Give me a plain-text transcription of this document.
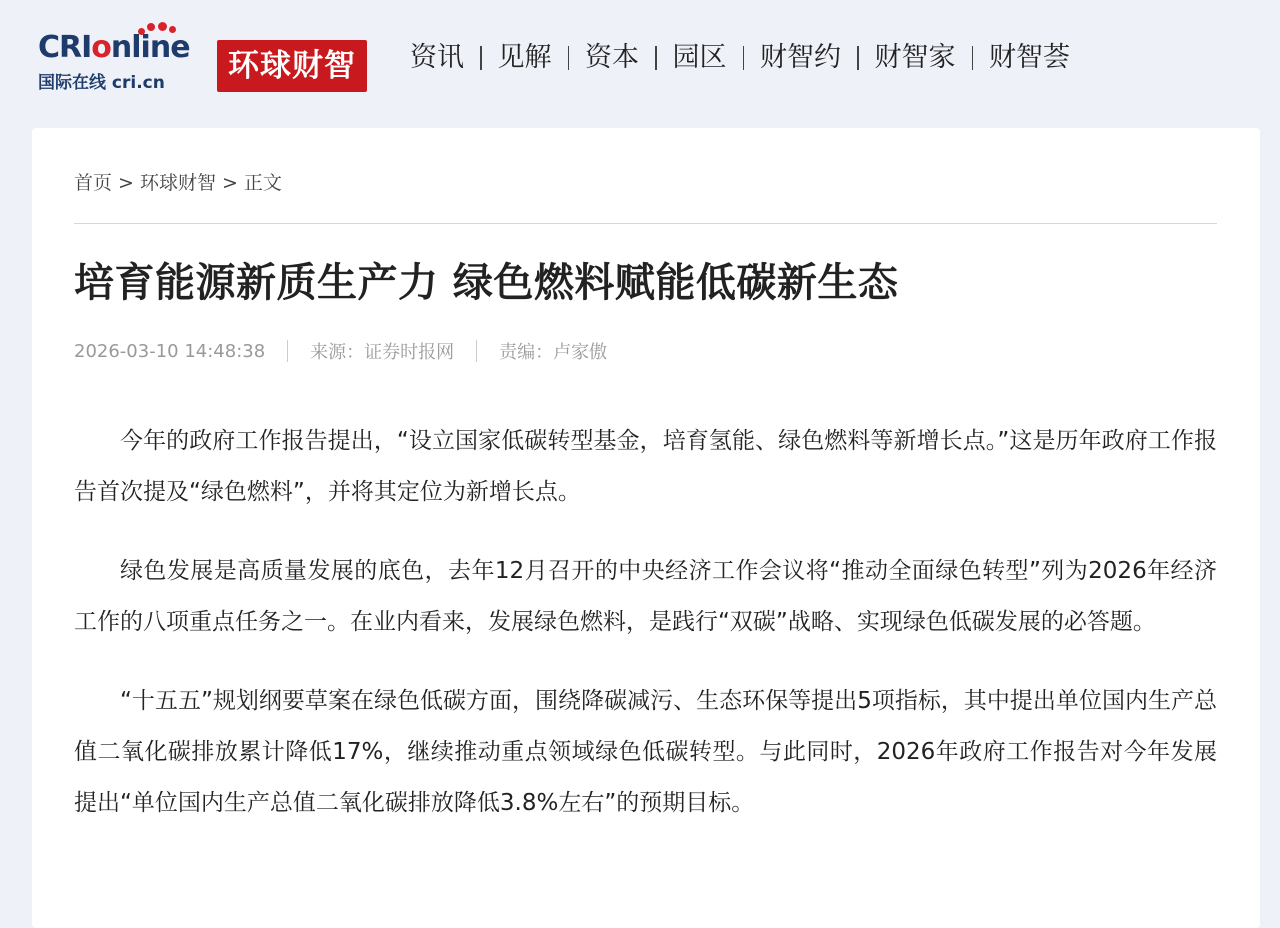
CRIonline
国际在线 cri.cn	环球财智	资讯	见解	资本	园区	财智约	财智家	财智荟
首页 > 环球财智 > 正文
培育能源新质生产力 绿色燃料赋能低碳新生态
2026-03-10 14:48:38	来源：证券时报网	责编：卢家傲

今年的政府工作报告提出，“设立国家低碳转型基金，培育氢能、绿色燃料等新增长点。”这是历年政府工作报告首次提及“绿色燃料”，并将其定位为新增长点。

绿色发展是高质量发展的底色，去年12月召开的中央经济工作会议将“推动全面绿色转型”列为2026年经济工作的八项重点任务之一。在业内看来，发展绿色燃料，是践行“双碳”战略、实现绿色低碳发展的必答题。

“十五五”规划纲要草案在绿色低碳方面，围绕降碳减污、生态环保等提出5项指标，其中提出单位国内生产总值二氧化碳排放累计降低17%，继续推动重点领域绿色低碳转型。与此同时，2026年政府工作报告对今年发展提出“单位国内生产总值二氧化碳排放降低3.8%左右”的预期目标。
